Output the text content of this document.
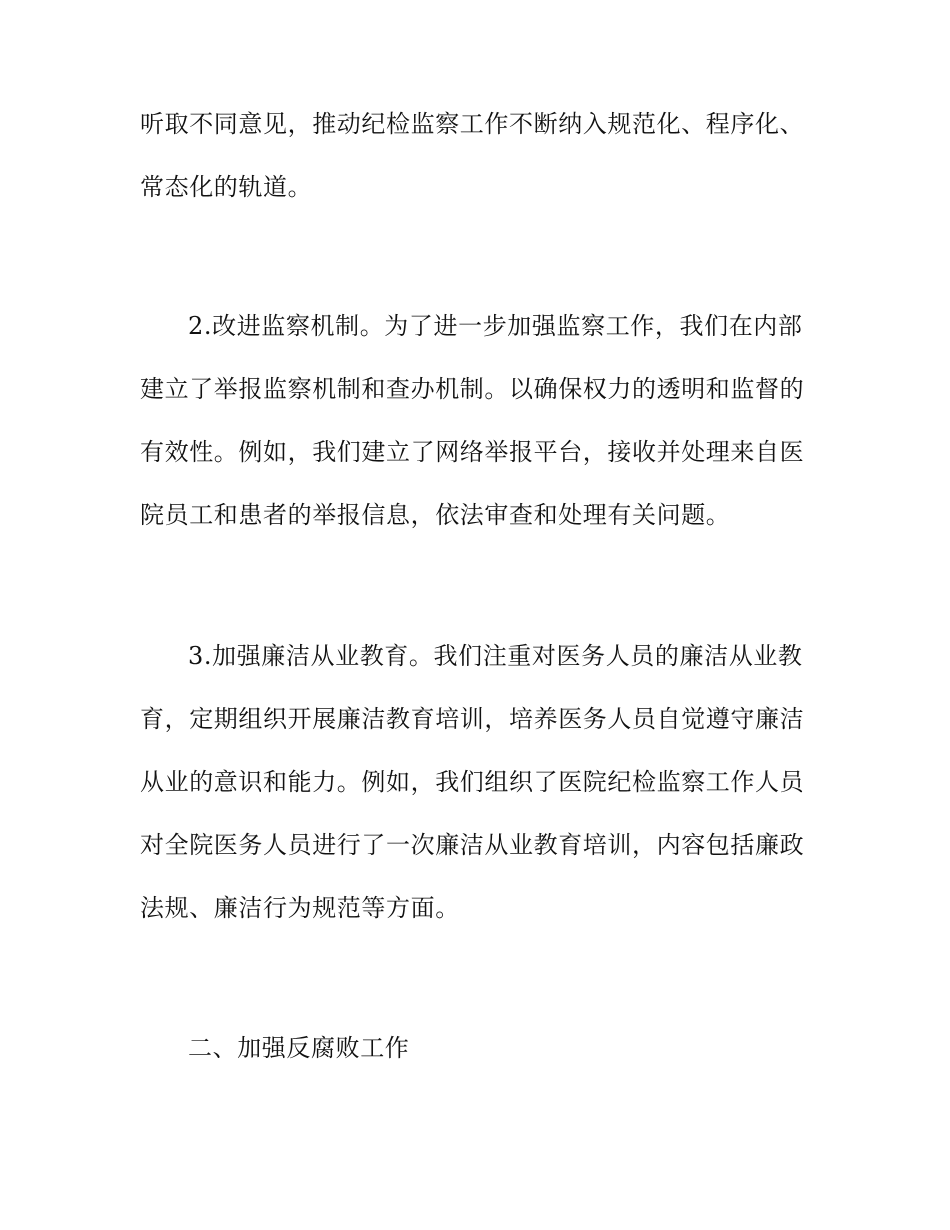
听取不同意见，推动纪检监察工作不断纳入规范化、程序化、
常态化的轨道。
2.改进监察机制。为了进一步加强监察工作，我们在内部
建立了举报监察机制和查办机制。以确保权力的透明和监督的
有效性。例如，我们建立了网络举报平台，接收并处理来自医
院员工和患者的举报信息，依法审查和处理有关问题。
3.加强廉洁从业教育。我们注重对医务人员的廉洁从业教
育，定期组织开展廉洁教育培训，培养医务人员自觉遵守廉洁
从业的意识和能力。例如，我们组织了医院纪检监察工作人员
对全院医务人员进行了一次廉洁从业教育培训，内容包括廉政
法规、廉洁行为规范等方面。
二、加强反腐败工作
